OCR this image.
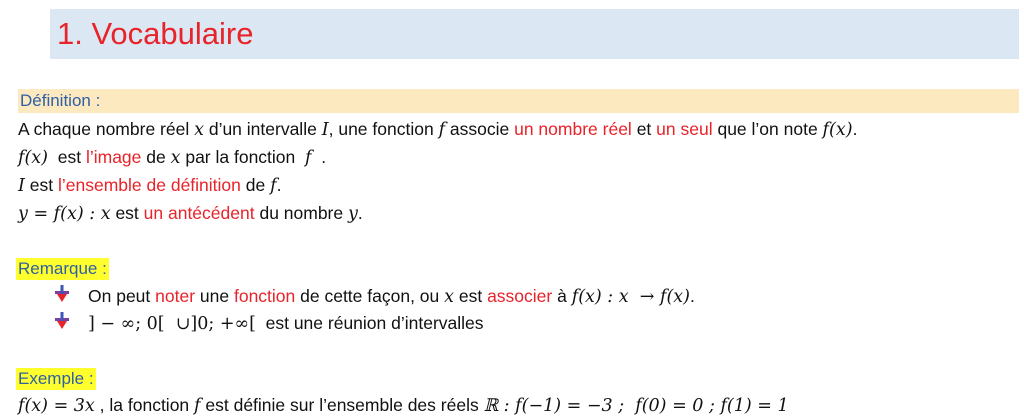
1. Vocabulaire
Définition :
A chaque nombre réel x d’un intervalle I, une fonction f associe un nombre réel et un seul que l’on note f(x).
f(x)  est l’image de x par la fonction  f  .
I est l’ensemble de définition de f.
y = f(x) : x est un antécédent du nombre y.
Remarque :
On peut noter une fonction de cette façon, ou x est associer à f(x) : x  → f(x).
] − ∞; 0[  ∪]0; +∞[  est une réunion d’intervalles
Exemple :
f(x) = 3x , la fonction f est définie sur l’ensemble des réels ℝ : f(−1) = −3 ;  f(0) = 0 ; f(1) = 1
